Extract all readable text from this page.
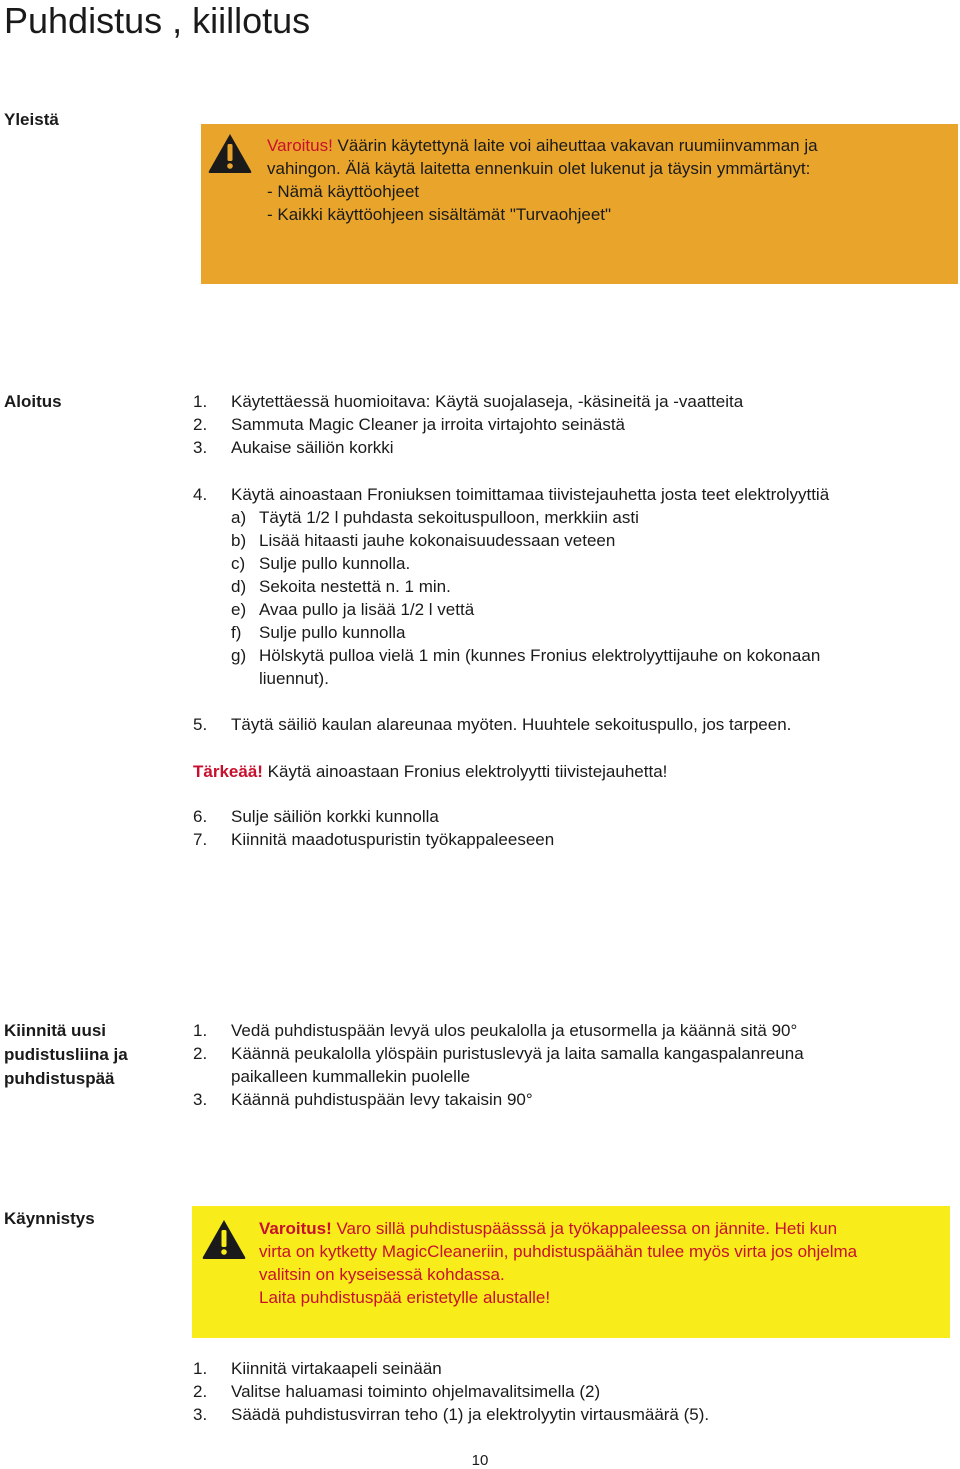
Puhdistus , kiillotus
Yleistä
Varoitus! Väärin käytettynä laite voi aiheuttaa vakavan ruumiinvamman ja
vahingon. Älä käytä laitetta ennenkuin olet lukenut ja täysin ymmärtänyt:
- Nämä käyttöohjeet
- Kaikki käyttöohjeen sisältämät "Turvaohjeet"
Aloitus	1. Käytettäessä huomioitava: Käytä suojalaseja, -käsineitä ja -vaatteita
2. Sammuta Magic Cleaner ja irroita virtajohto seinästä
3. Aukaise säiliön korkki
4. Käytä ainoastaan Froniuksen toimittamaa tiivistejauhetta josta teet elektrolyyttiä
a) Täytä 1/2 l puhdasta sekoituspulloon, merkkiin asti
b) Lisää hitaasti jauhe kokonaisuudessaan veteen
c) Sulje pullo kunnolla.
d) Sekoita nestettä n. 1 min.
e) Avaa pullo ja lisää 1/2 l vettä
f) Sulje pullo kunnolla
g) Hölskytä pulloa vielä 1 min (kunnes Fronius elektrolyyttijauhe on kokonaan
liuennut).
5. Täytä säiliö kaulan alareunaa myöten. Huuhtele sekoituspullo, jos tarpeen.
Tärkeää! Käytä ainoastaan Fronius elektrolyytti tiivistejauhetta!
6. Sulje säiliön korkki kunnolla
7. Kiinnitä maadotuspuristin työkappaleeseen
Kiinnitä uusi
pudistusliina ja
puhdistuspää
1. Vedä puhdistuspään levyä ulos peukalolla ja etusormella ja käännä sitä 90°
2. Käännä peukalolla ylöspäin puristuslevyä ja laita samalla kangaspalanreuna
paikalleen kummallekin puolelle
3. Käännä puhdistuspään levy takaisin 90°
Käynnistys
Varoitus! Varo sillä puhdistuspäässsä ja työkappaleessa on jännite. Heti kun
virta on kytketty MagicCleaneriin, puhdistuspäähän tulee myös virta jos ohjelma
valitsin on kyseisessä kohdassa.
Laita puhdistuspää eristetylle alustalle!
1. Kiinnitä virtakaapeli seinään
2. Valitse haluamasi toiminto ohjelmavalitsimella (2)
3. Säädä puhdistusvirran teho (1) ja elektrolyytin virtausmäärä (5).
10
